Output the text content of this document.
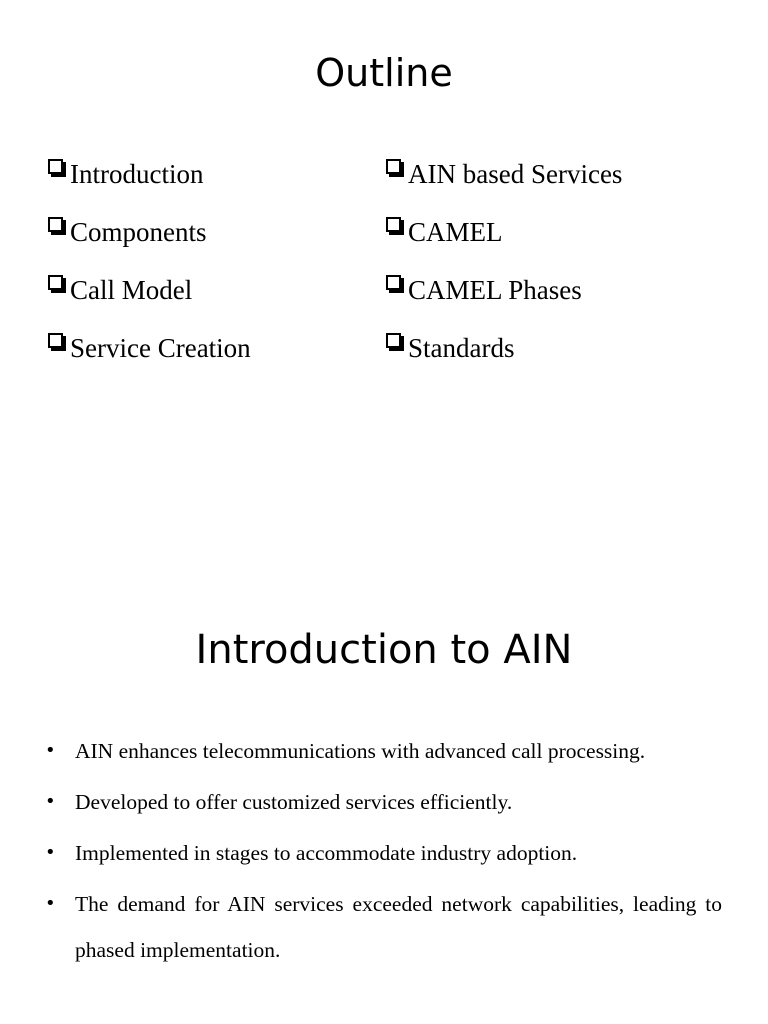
Outline
Introduction
Components
Call Model
Service Creation
AIN based Services
CAMEL
CAMEL Phases
Standards
Introduction to AIN
• AIN enhances telecommunications with advanced call processing.
• Developed to offer customized services efficiently.
• Implemented in stages to accommodate industry adoption.
• The demand for AIN services exceeded network capabilities, leading to phased implementation.
